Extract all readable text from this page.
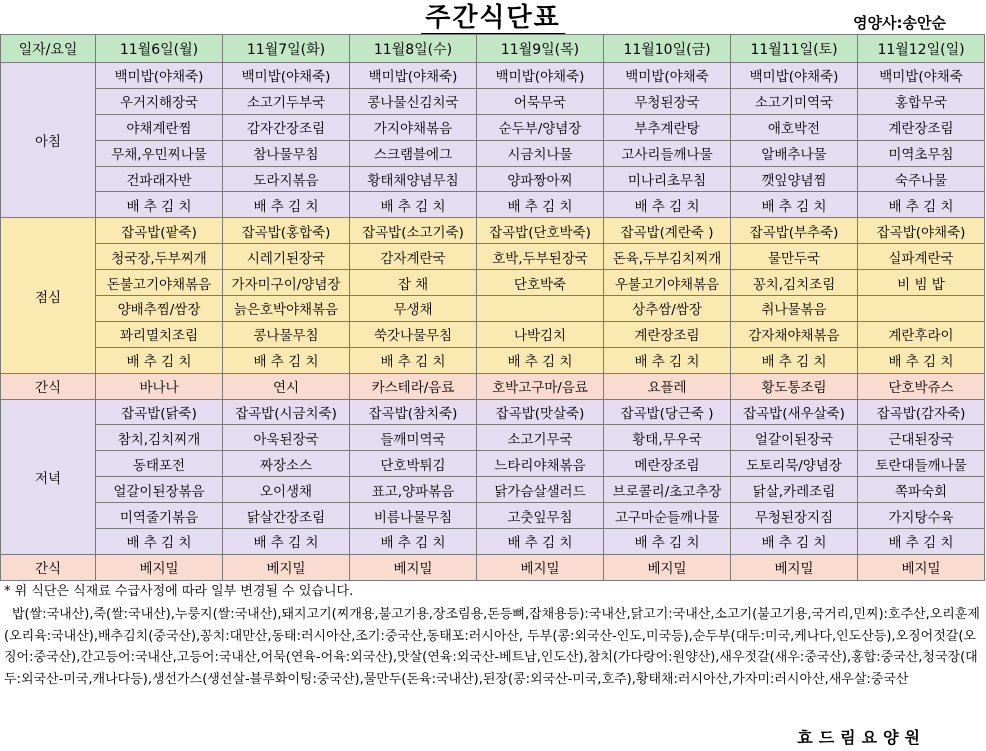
주간식단표	영양사:송안순
일자/요일	11월6일(월)	11월7일(화)	11월8일(수)	11월9일(목)	11월10일(금)	11월11일(토)	11월12일(일)
아침	백미밥(야채죽)	백미밥(야채죽)	백미밥(야채죽)	백미밥(야채죽)	백미밥(야채죽	백미밥(야채죽)	백미밥(야채죽
	우거지해장국	소고기두부국	콩나물신김치국	어묵무국	무청된장국	소고기미역국	홍합무국
	야채계란찜	감자간장조림	가지야채볶음	순두부/양념장	부추계란탕	애호박전	계란장조림
	무채,우민찌나물	참나물무침	스크램블에그	시금치나물	고사리들깨나물	알배추나물	미역초무침
	건파래자반	도라지볶음	황태채양념무침	양파짱아찌	미나리초무침	깻잎양념찜	숙주나물
	배 추 김 치	배 추 김 치	배 추 김 치	배 추 김 치	배 추 김 치	배 추 김 치	배 추 김 치
점심	잡곡밥(팥죽)	잡곡밥(홍합죽)	잡곡밥(소고기죽)	잡곡밥(단호박죽)	잡곡밥(계란죽 )	잡곡밥(부추죽)	잡곡밥(야채죽)
	청국장,두부찌개	시레기된장국	감자계란국	호박,두부된장국	돈육,두부김치찌개	물만두국	실파계란국
	돈불고기야채볶음	가자미구이/양념장	잡 채	단호박죽	우불고기야채볶음	꽁치,김치조림	비 빔 밥
	양배추찜/쌈장	늙은호박야채볶음	무생채		상추쌈/쌈장	취나물볶음	
	꽈리멸치조림	콩나물무침	쑥갓나물무침	나박김치	계란장조림	감자채야채볶음	계란후라이
	배 추 김 치	배 추 김 치	배 추 김 치	배 추 김 치	배 추 김 치	배 추 김 치	배 추 김 치
간식	바나나	연시	카스테라/음료	호박고구마/음료	요플레	황도통조림	단호박쥬스
저녁	잡곡밥(닭죽)	잡곡밥(시금치죽)	잡곡밥(참치죽)	잡곡밥(맛살죽)	잡곡밥(당근죽 )	잡곡밥(새우살죽)	잡곡밥(감자죽)
	참치,김치찌개	아욱된장국	들깨미역국	소고기무국	황태,무우국	얼갈이된장국	근대된장국
	동태포전	짜장소스	단호박튀김	느타리야채볶음	메란장조림	도토리묵/양념장	토란대들깨나물
	얼갈이된장볶음	오이생채	표고,양파볶음	닭가슴살샐러드	브로콜리/초고추장	닭살,카레조림	쪽파숙회
	미역줄기볶음	닭살간장조림	비름나물무침	고춧잎무침	고구마순들깨나물	무청된장지짐	가지탕수육
	배 추 김 치	배 추 김 치	배 추 김 치	배 추 김 치	배 추 김 치	배 추 김 치	배 추 김 치
간식	베지밀	베지밀	베지밀	베지밀	베지밀	베지밀	베지밀
* 위 식단은 식재료 수급사정에 따라 일부 변경될 수 있습니다.
밥(쌀:국내산),죽(쌀:국내산),누룽지(쌀:국내산),돼지고기(찌개용,불고기용,장조림용,돈등뼈,잡채용등):국내산,닭고기:국내산,소고기(불고기용,국거리,민찌):호주산,오리훈제(오리육:국내산),배추김치(중국산),꽁치:대만산,동태:러시아산,조기:중국산,동태포:러시아산, 두부(콩:외국산-인도,미국등),순두부(대두:미국,케나다,인도산등),오징어젓갈(오징어:중국산),간고등어:국내산,고등어:국내산,어묵(연육-어육:외국산),맛살(연육:외국산-베트남,인도산),참치(가다랑어:원양산),새우젓갈(새우:중국산),홍합:중국산,청국장(대두:외국산-미국,캐나다등),생선가스(생선살-블루화이팅:중국산),물만두(돈육:국내산),된장(콩:외국산-미국,호주),황태채:러시아산,가자미:러시아산,새우살:중국산
효드림요양원
